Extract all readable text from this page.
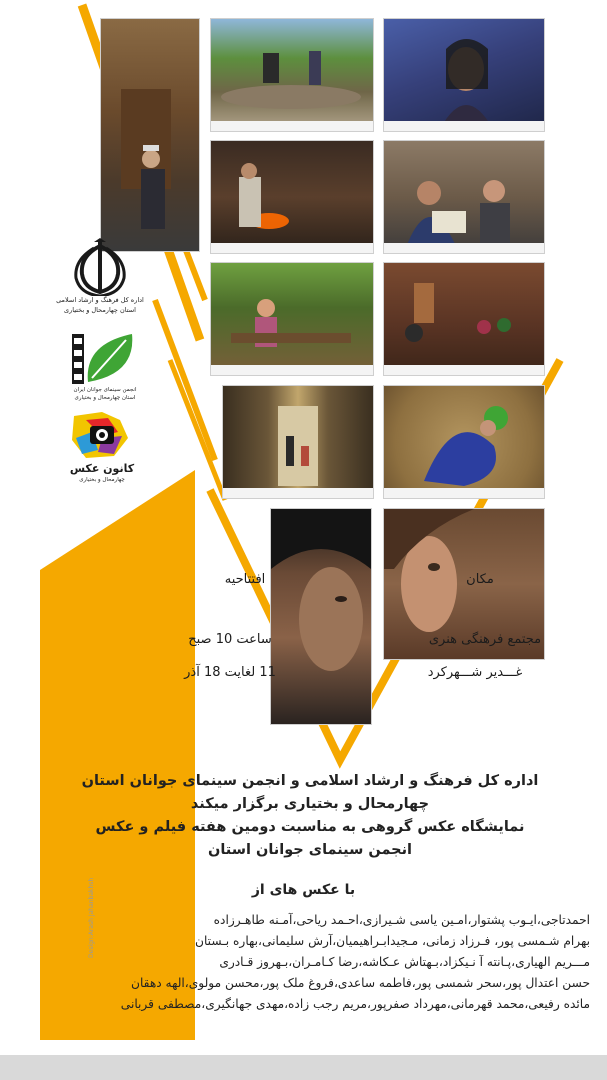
اداره کل فرهنگ و ارشاد اسلامی
استان چهارمحال و بختیاری
انجمن سینمای جوانان ایران
استان چهارمحال و بختیاری
کانون عکس
چهارمحال و بختیاری
افتتاحیه
ساعت 10 صبح
11 لغایت 18 آذر
مکان
مجتمع فرهنگی هنری
غـــدیر شـــهرکرد
اداره کل فرهنگ و ارشاد اسلامی و انجمن سینمای جوانان استان
چهارمحال و بختیاری برگزار میکند
نمایشگاه عکس گروهی به مناسبت دومین هفته فیلم و عکس
انجمن سینمای جوانان استان
با عکس های از
احمدتاجی،ایـوب پشتوار،امـین یاسی شـیرازی،احـمد ریاحی،آمـنه طاهـرزاده
بهرام شـمسی پور، فـرزاد زمانی، مـجیدابـراهیمیان،آرش سلیمانی،بهاره بـستان
مـــریم الهیاری،پـانته آ نـیکزاد،بـهتاش عـکاشه،رضا کـامـران،بـهروز قـادری
حسن اعتدال پور،سحر شمسی پور،فاطمه ساعدی،فروغ ملک پور،محسن مولوی،الهه دهقان
مائده رفیعی،محمد قهرمانی،مهرداد صفرپور،مریم رجب زاده،مهدی جهانگیری،مصطفی قربانی
Design:Arash Jahanbakhsh
